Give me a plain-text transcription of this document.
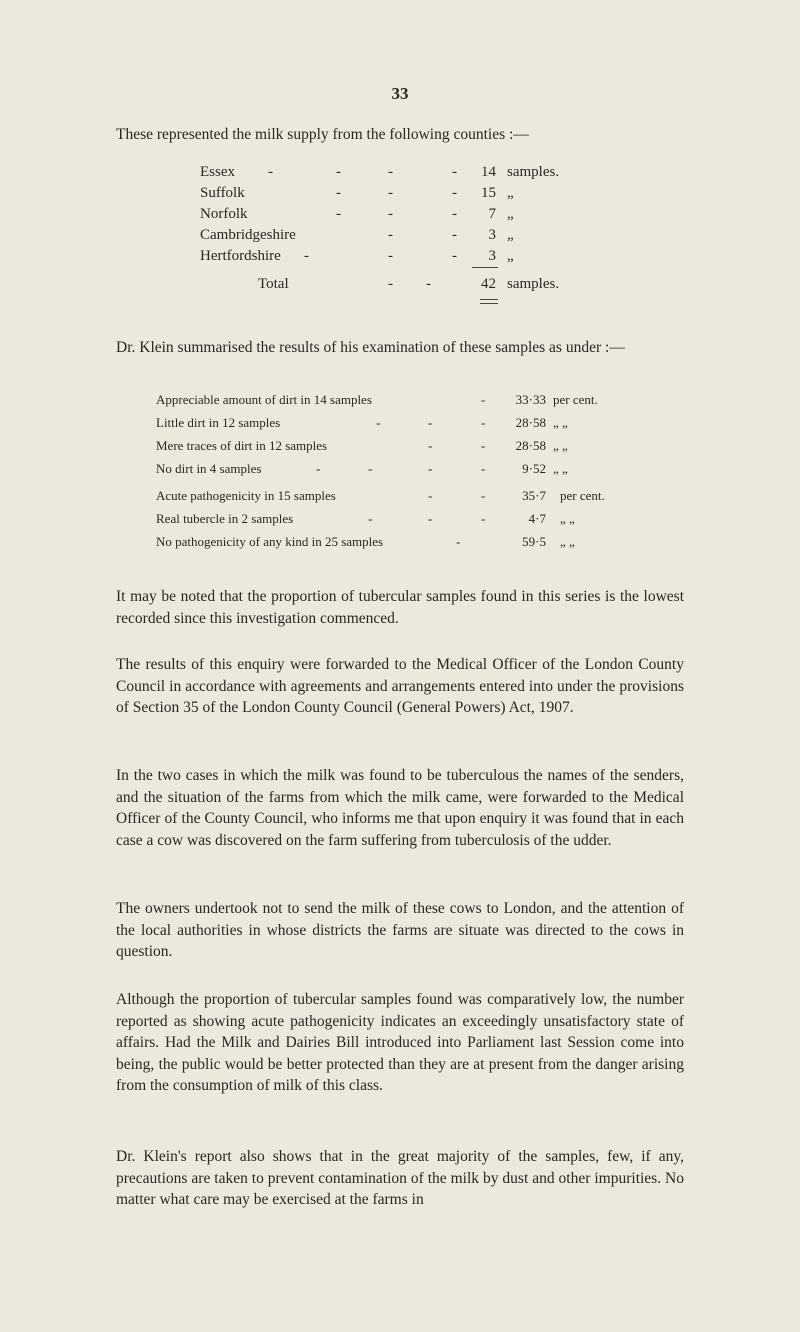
33

These represented the milk supply from the following counties :—

Essex -	-	-	-	14 samples.
Suffolk	-	-	-	15 „
Norfolk	-	-	-	7 „
Cambridgeshire	-	-	3 „
Hertfordshire -	-	-	3 „
Total	- -	42 samples.

Dr. Klein summarised the results of his examination of these samples as under :—

Appreciable amount of dirt in 14 samples	-	33·33 per cent.
Little dirt in 12 samples	-	-	-	28·58 „ „
Mere traces of dirt in 12 samples	-	-	28·58 „ „
No dirt in 4 samples	-	-	-	-	9·52 „ „
Acute pathogenicity in 15 samples	-	-	35·7 per cent.
Real tubercle in 2 samples	-	-	-	4·7 „ „
No pathogenicity of any kind in 25 samples	-	59·5 „ „

It may be noted that the proportion of tubercular samples found in this series is the lowest recorded since this investigation commenced.

The results of this enquiry were forwarded to the Medical Officer of the London County Council in accordance with agreements and arrangements entered into under the provisions of Section 35 of the London County Council (General Powers) Act, 1907.

In the two cases in which the milk was found to be tuberculous the names of the senders, and the situation of the farms from which the milk came, were forwarded to the Medical Officer of the County Council, who informs me that upon enquiry it was found that in each case a cow was discovered on the farm suffering from tuberculosis of the udder.

The owners undertook not to send the milk of these cows to London, and the attention of the local authorities in whose districts the farms are situate was directed to the cows in question.

Although the proportion of tubercular samples found was comparatively low, the number reported as showing acute pathogenicity indicates an exceedingly unsatisfactory state of affairs. Had the Milk and Dairies Bill introduced into Parliament last Session come into being, the public would be better protected than they are at present from the danger arising from the consumption of milk of this class.

Dr. Klein's report also shows that in the great majority of the samples, few, if any, precautions are taken to prevent contamination of the milk by dust and other impurities. No matter what care may be exercised at the farms in
